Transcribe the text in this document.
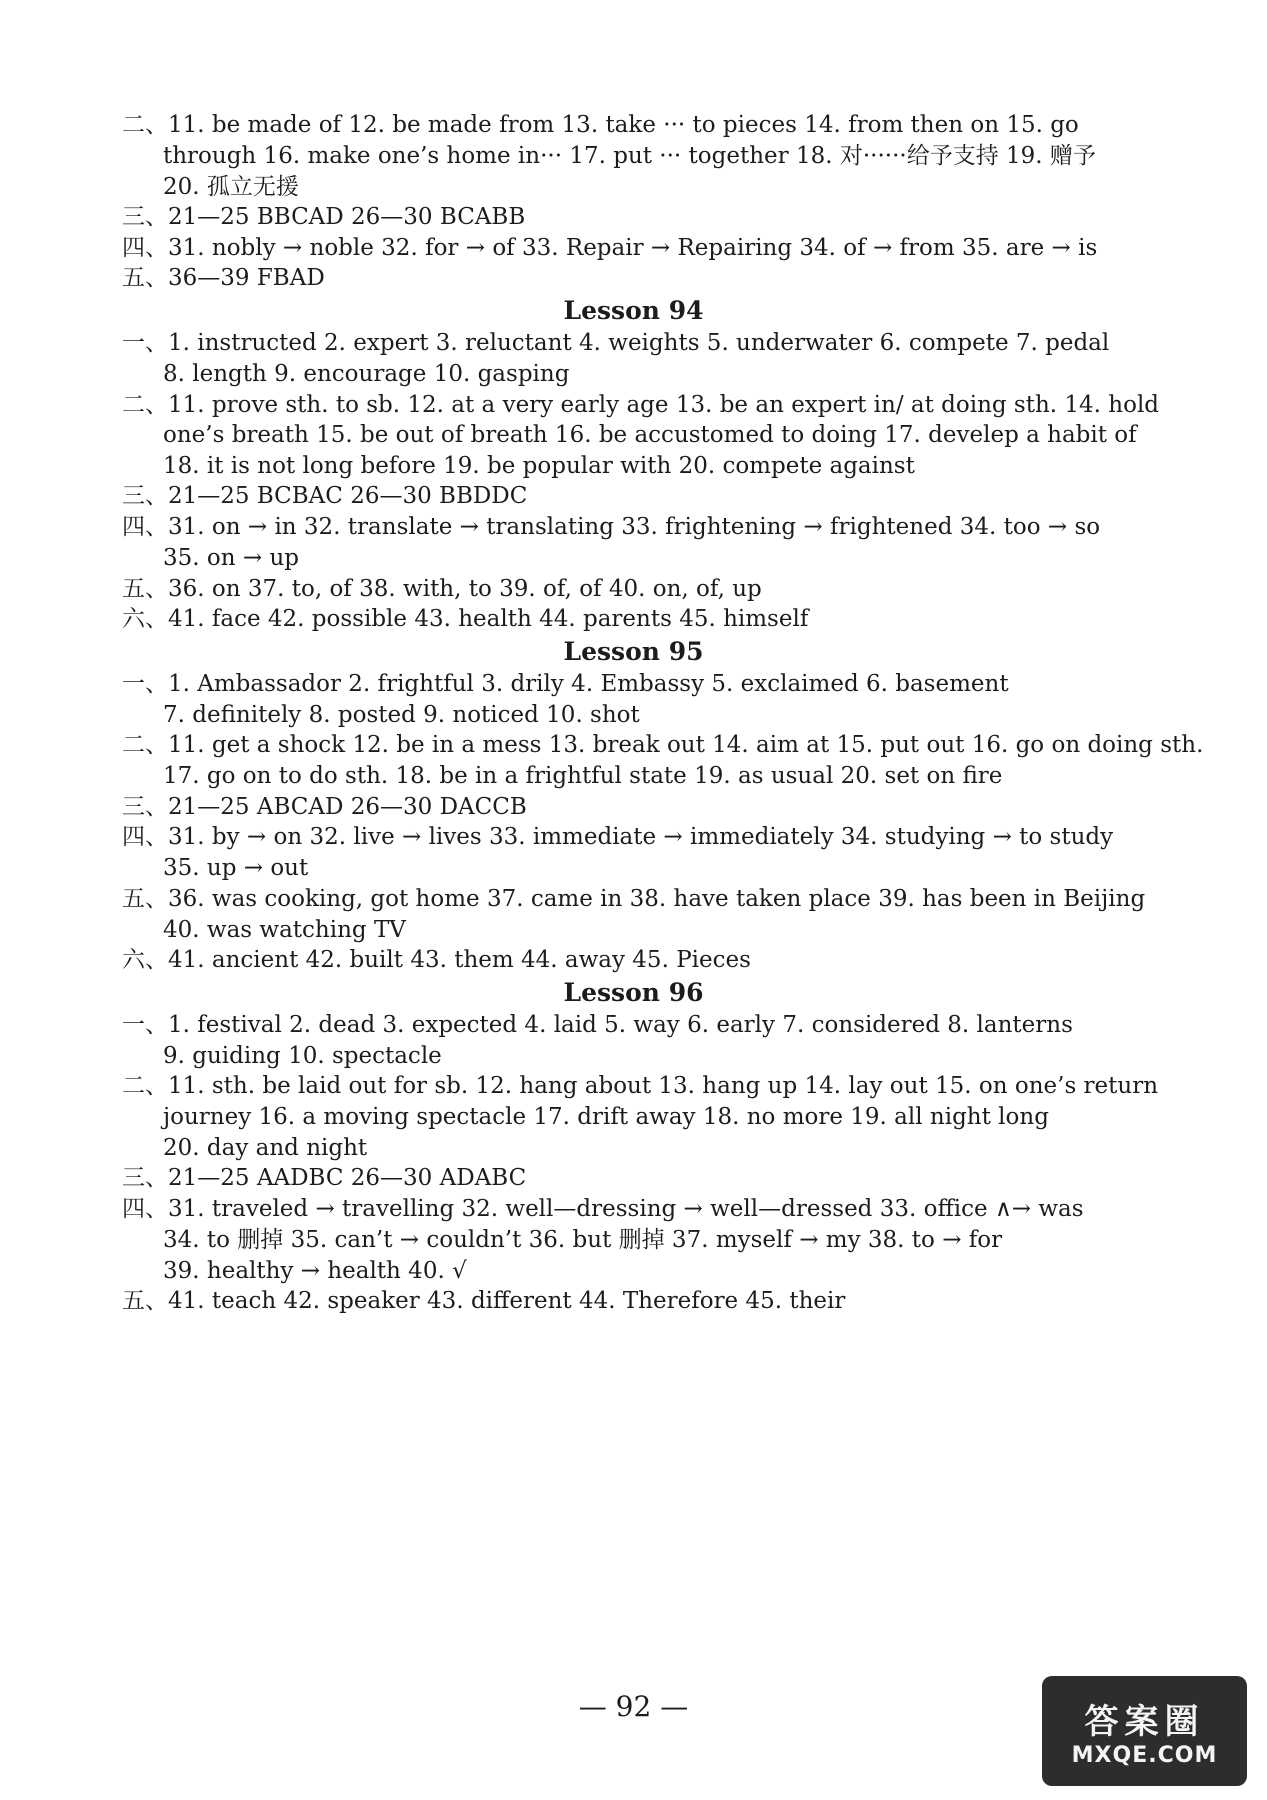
二、11. be made of 12. be made from 13. take ··· to pieces 14. from then on 15. go
through 16. make one’s home in··· 17. put ··· together 18. 对······给予支持 19. 赠予
20. 孤立无援
三、21—25 BBCAD 26—30 BCABB
四、31. nobly → noble 32. for → of 33. Repair → Repairing 34. of → from 35. are → is
五、36—39 FBAD
Lesson 94
一、1. instructed 2. expert 3. reluctant 4. weights 5. underwater 6. compete 7. pedal
8. length 9. encourage 10. gasping
二、11. prove sth. to sb. 12. at a very early age 13. be an expert in/ at doing sth. 14. hold
one’s breath 15. be out of breath 16. be accustomed to doing 17. develep a habit of
18. it is not long before 19. be popular with 20. compete against
三、21—25 BCBAC 26—30 BBDDC
四、31. on → in 32. translate → translating 33. frightening → frightened 34. too → so
35. on → up
五、36. on 37. to, of 38. with, to 39. of, of 40. on, of, up
六、41. face 42. possible 43. health 44. parents 45. himself
Lesson 95
一、1. Ambassador 2. frightful 3. drily 4. Embassy 5. exclaimed 6. basement
7. definitely 8. posted 9. noticed 10. shot
二、11. get a shock 12. be in a mess 13. break out 14. aim at 15. put out 16. go on doing sth.
17. go on to do sth. 18. be in a frightful state 19. as usual 20. set on fire
三、21—25 ABCAD 26—30 DACCB
四、31. by → on 32. live → lives 33. immediate → immediately 34. studying → to study
35. up → out
五、36. was cooking, got home 37. came in 38. have taken place 39. has been in Beijing
40. was watching TV
六、41. ancient 42. built 43. them 44. away 45. Pieces
Lesson 96
一、1. festival 2. dead 3. expected 4. laid 5. way 6. early 7. considered 8. lanterns
9. guiding 10. spectacle
二、11. sth. be laid out for sb. 12. hang about 13. hang up 14. lay out 15. on one’s return
journey 16. a moving spectacle 17. drift away 18. no more 19. all night long
20. day and night
三、21—25 AADBC 26—30 ADABC
四、31. traveled → travelling 32. well—dressing → well—dressed 33. office ∧→ was
34. to 删掉 35. can’t → couldn’t 36. but 删掉 37. myself → my 38. to → for
39. healthy → health 40. √
五、41. teach 42. speaker 43. different 44. Therefore 45. their
— 92 —	答案圈
MXQE.COM
